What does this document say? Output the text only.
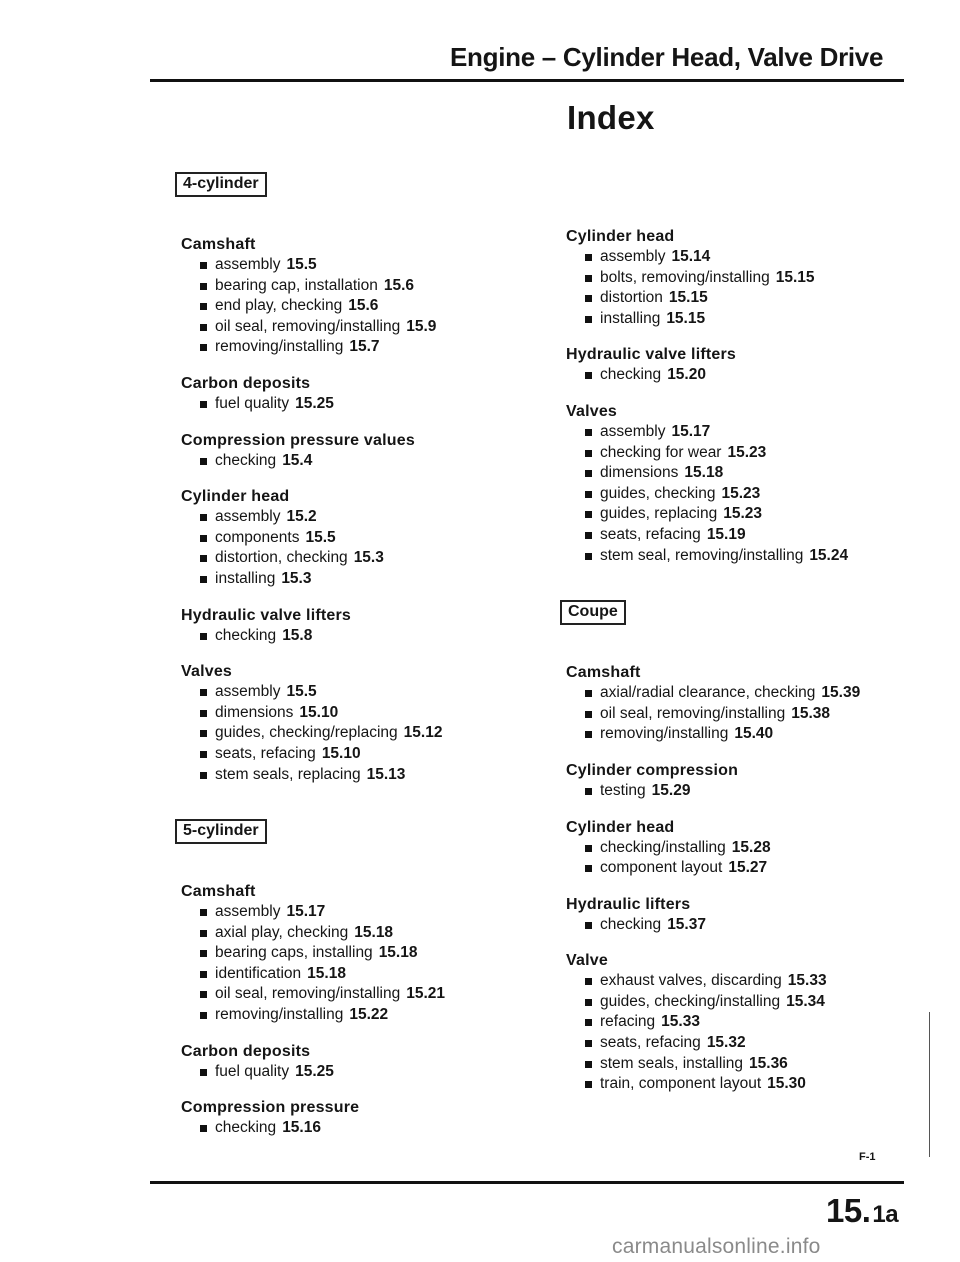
Engine – Cylinder Head, Valve Drive
Index
4-cylinder
Camshaft
assembly 15.5
bearing cap, installation 15.6
end play, checking 15.6
oil seal, removing/installing 15.9
removing/installing 15.7
Carbon deposits
fuel quality 15.25
Compression pressure values
checking 15.4
Cylinder head
assembly 15.2
components 15.5
distortion, checking 15.3
installing 15.3
Hydraulic valve lifters
checking 15.8
Valves
assembly 15.5
dimensions 15.10
guides, checking/replacing 15.12
seats, refacing 15.10
stem seals, replacing 15.13
5-cylinder
Camshaft
assembly 15.17
axial play, checking 15.18
bearing caps, installing 15.18
identification 15.18
oil seal, removing/installing 15.21
removing/installing 15.22
Carbon deposits
fuel quality 15.25
Compression pressure
checking 15.16
Cylinder head
assembly 15.14
bolts, removing/installing 15.15
distortion 15.15
installing 15.15
Hydraulic valve lifters
checking 15.20
Valves
assembly 15.17
checking for wear 15.23
dimensions 15.18
guides, checking 15.23
guides, replacing 15.23
seats, refacing 15.19
stem seal, removing/installing 15.24
Coupe
Camshaft
axial/radial clearance, checking 15.39
oil seal, removing/installing 15.38
removing/installing 15.40
Cylinder compression
testing 15.29
Cylinder head
checking/installing 15.28
component layout 15.27
Hydraulic lifters
checking 15.37
Valve
exhaust valves, discarding 15.33
guides, checking/installing 15.34
refacing 15.33
seats, refacing 15.32
stem seals, installing 15.36
train, component layout 15.30
F-1
15.1a
carmanualsonline.info
